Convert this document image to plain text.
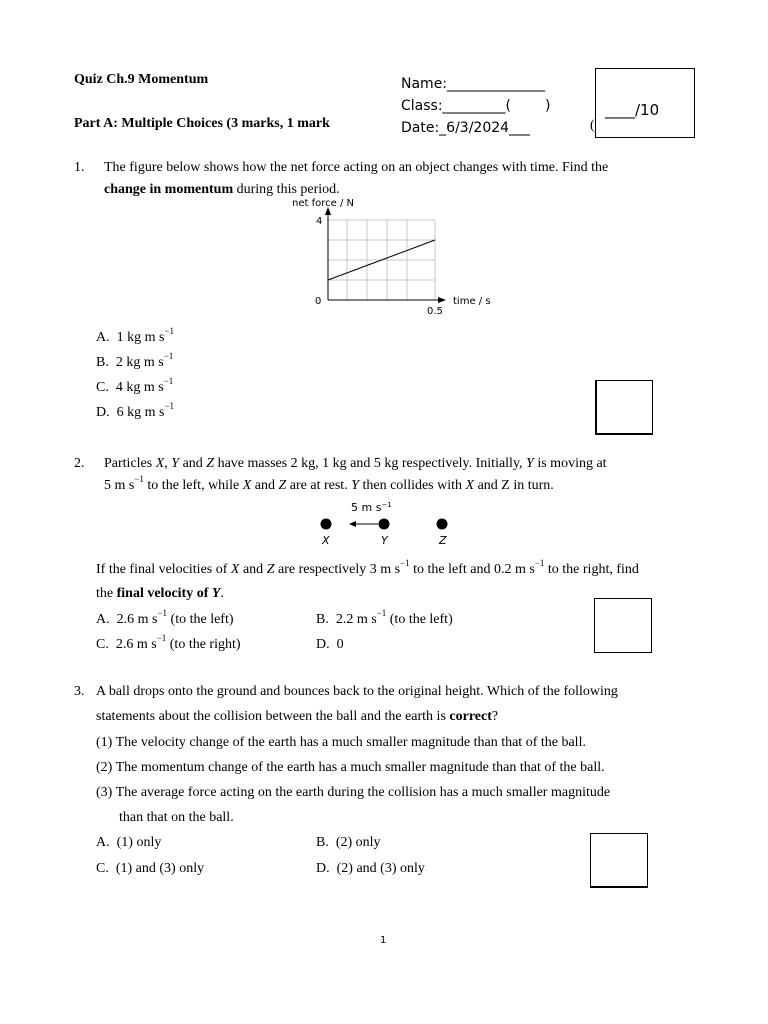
Quiz Ch.9 Momentum
Part A: Multiple Choices (3 marks, 1 mark
Name:______________
Class:_________( )
Date:_6/3/2024___
____/10
(
1. The figure below shows how the net force acting on an object changes with time. Find the
change in momentum during this period.
net force / N
4
0
0.5
time / s
A. 1 kg m $s^{-1}$
B. 2 kg m $s^{-1}$
C. 4 kg m $s^{-1}$
D. 6 kg m $s^{-1}$
2. Particles X, Y and Z have masses 2 kg, 1 kg and 5 kg respectively. Initially, Y is moving at
5 m $s^{-1}$ to the left, while X and Z are at rest. Y then collides with X and Z in turn.
5 m $s^{-1}$
X	Y	Z
If the final velocities of X and Z are respectively 3 m $s^{-1}$ to the left and 0.2 m $s^{-1}$ to the right, find
the final velocity of Y.
A. 2.6 m $s^{-1}$ (to the left)	B. 2.2 m $s^{-1}$ (to the left)
C. 2.6 m $s^{-1}$ (to the right)	D. 0
3. A ball drops onto the ground and bounces back to the original height. Which of the following
statements about the collision between the ball and the earth is correct?
(1) The velocity change of the earth has a much smaller magnitude than that of the ball.
(2) The momentum change of the earth has a much smaller magnitude than that of the ball.
(3) The average force acting on the earth during the collision has a much smaller magnitude
than that on the ball.
A. (1) only	B. (2) only
C. (1) and (3) only	D. (2) and (3) only
1
